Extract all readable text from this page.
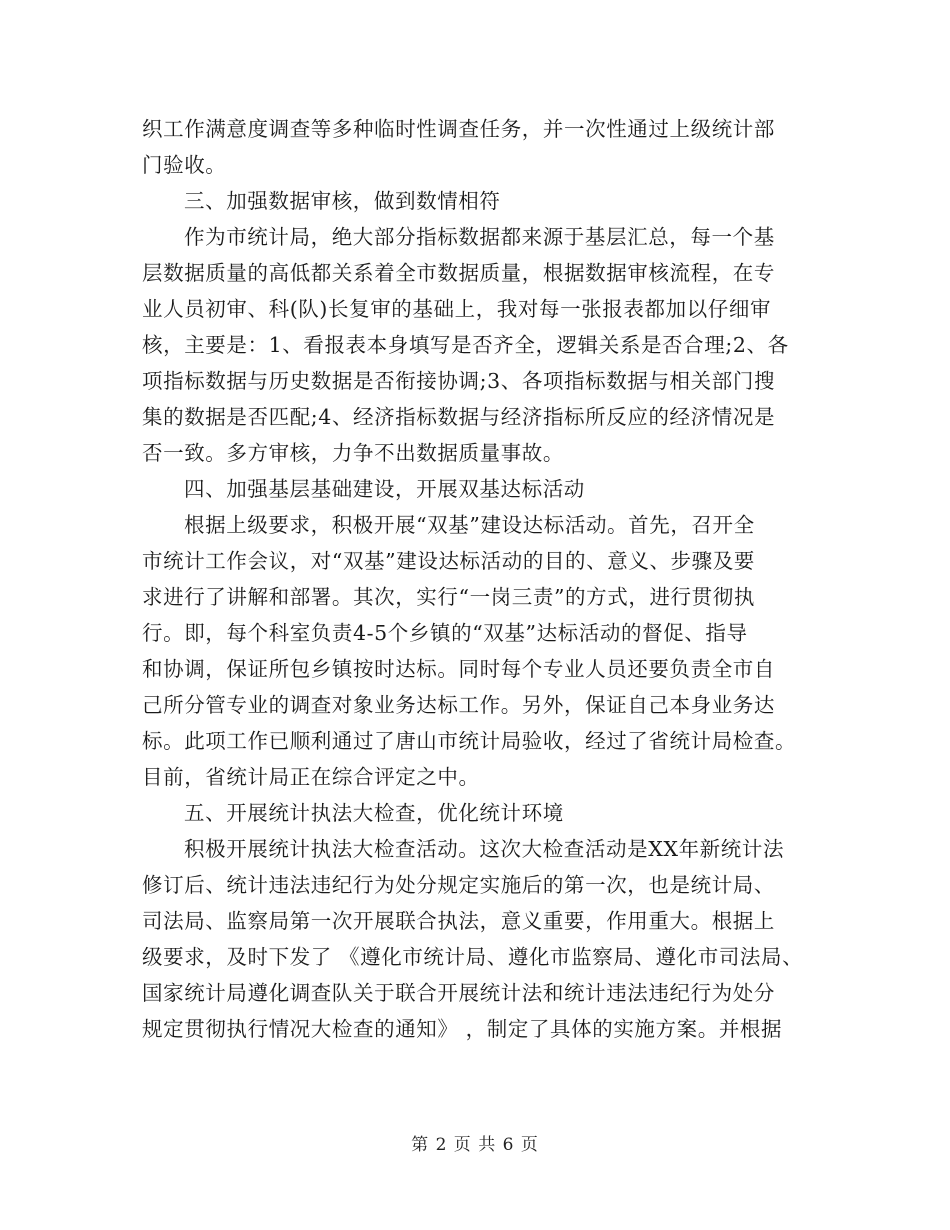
织工作满意度调查等多种临时性调查任务，并一次性通过上级统计部
门验收。
三、加强数据审核，做到数情相符
作为市统计局，绝大部分指标数据都来源于基层汇总，每一个基
层数据质量的高低都关系着全市数据质量，根据数据审核流程，在专
业人员初审、科(队)长复审的基础上，我对每一张报表都加以仔细审
核，主要是：1、看报表本身填写是否齐全，逻辑关系是否合理;2、各
项指标数据与历史数据是否衔接协调;3、各项指标数据与相关部门搜
集的数据是否匹配;4、经济指标数据与经济指标所反应的经济情况是
否一致。多方审核，力争不出数据质量事故。
四、加强基层基础建设，开展双基达标活动
根据上级要求，积极开展“双基”建设达标活动。首先，召开全
市统计工作会议，对“双基”建设达标活动的目的、意义、步骤及要
求进行了讲解和部署。其次，实行“一岗三责”的方式，进行贯彻执
行。即，每个科室负责4-5个乡镇的“双基”达标活动的督促、指导
和协调，保证所包乡镇按时达标。同时每个专业人员还要负责全市自
己所分管专业的调查对象业务达标工作。另外，保证自己本身业务达
标。此项工作已顺利通过了唐山市统计局验收，经过了省统计局检查。
目前，省统计局正在综合评定之中。
五、开展统计执法大检查，优化统计环境
积极开展统计执法大检查活动。这次大检查活动是XX年新统计法
修订后、统计违法违纪行为处分规定实施后的第一次，也是统计局、
司法局、监察局第一次开展联合执法，意义重要，作用重大。根据上
级要求，及时下发了 《遵化市统计局、遵化市监察局、遵化市司法局、
国家统计局遵化调查队关于联合开展统计法和统计违法违纪行为处分
规定贯彻执行情况大检查的通知》 ，制定了具体的实施方案。并根据
第 2 页 共 6 页
